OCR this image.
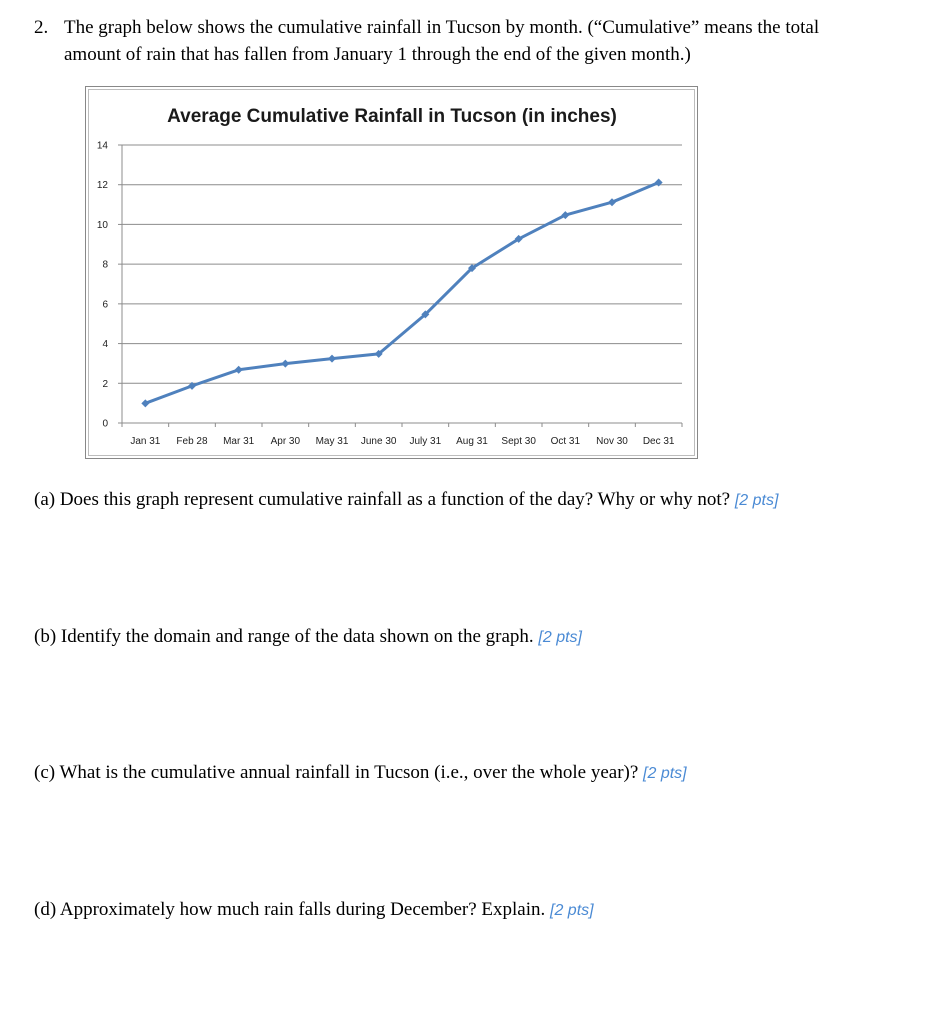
2. The graph below shows the cumulative rainfall in Tucson by month. (“Cumulative” means the total
amount of rain that has fallen from January 1 through the end of the given month.)
Average Cumulative Rainfall in Tucson (in inches)
0
2
4
6
8
10
12
14
Jan 31 Feb 28 Mar 31 Apr 30 May 31 June 30 July 31 Aug 31 Sept 30 Oct 31 Nov 30 Dec 31
(a) Does this graph represent cumulative rainfall as a function of the day? Why or why not? [2 pts]
(b) Identify the domain and range of the data shown on the graph. [2 pts]
(c) What is the cumulative annual rainfall in Tucson (i.e., over the whole year)? [2 pts]
(d) Approximately how much rain falls during December? Explain. [2 pts]
